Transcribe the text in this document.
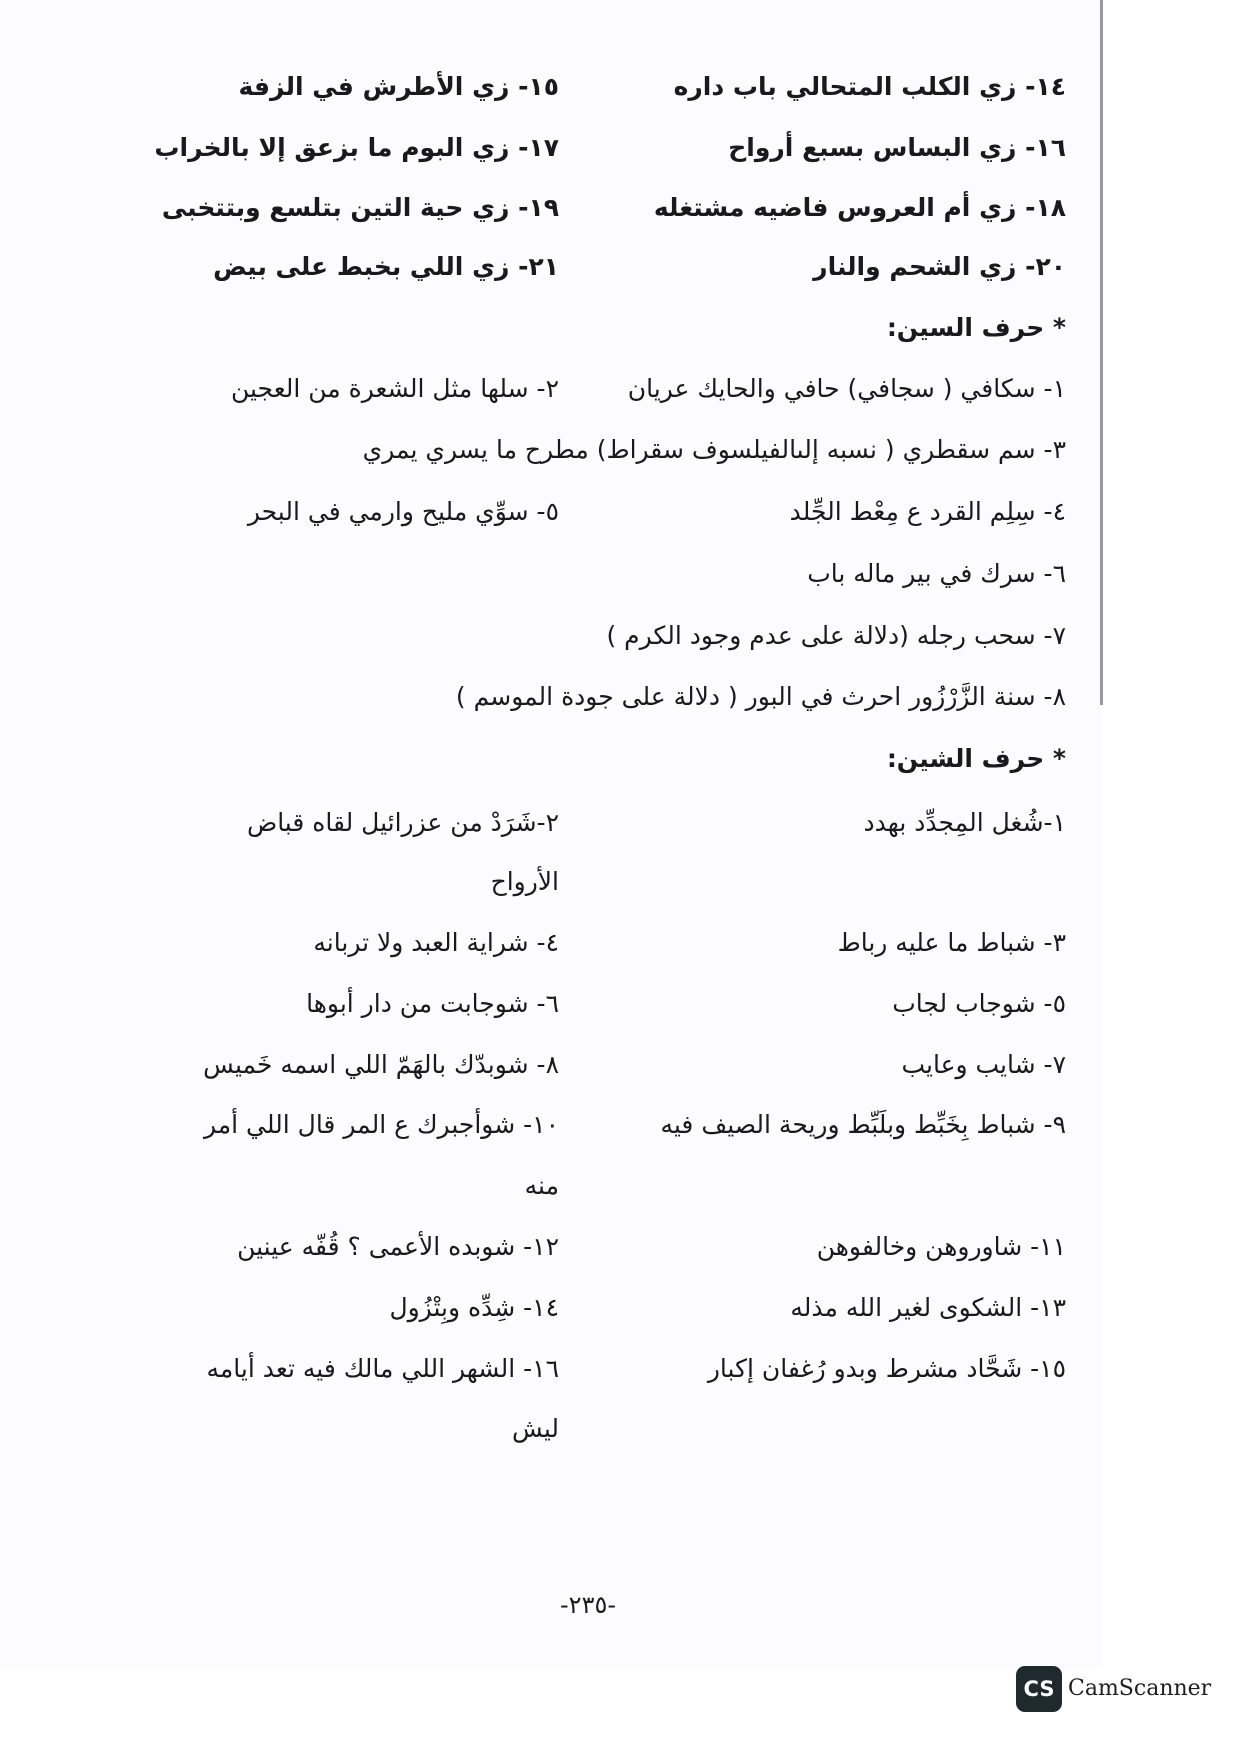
١٤- زي الكلب المتحالي باب داره
١٥- زي الأطرش في الزفة
١٦- زي البساس بسبع أرواح
١٧- زي البوم ما بزعق إلا بالخراب
١٨- زي أم العروس فاضيه مشتغله
١٩- زي حية التين بتلسع وبتتخبى
٢٠- زي الشحم والنار
٢١- زي اللي بخبط على بيض
* حرف السين:
١- سكافي ( سجافي) حافي والحايك عريان
٢- سلها مثل الشعرة من العجين
٣- سم سقطري ( نسبه إلىالفيلسوف سقراط) مطرح ما يسري يمري
٤- سِلِم القرد ع مِعْط الجِّلد
٥- سوِّي مليح وارمي في البحر
٦- سرك في بير ماله باب
٧- سحب رجله (دلالة على عدم وجود الكرم )
٨- سنة الزَّرْزُور احرث في البور ( دلالة على جودة الموسم )
* حرف الشين:
١-شُغل المِجدِّد بهدد
٢-شَرَدْ من عزرائيل لقاه قباض
الأرواح
٣- شباط ما عليه رباط
٤- شراية العبد ولا تربانه
٥- شوجاب لجاب
٦- شوجابت من دار أبوها
٧- شايب وعايب
٨- شوبدّك بالهَمّ اللي اسمه خَميس
٩- شباط بِخَبِّط وبلَبِّط وريحة الصيف فيه
١٠- شوأجبرك ع المر قال اللي أمر
منه
١١- شاوروهن وخالفوهن
١٢- شوبده الأعمى ؟ قُفّه عينين
١٣- الشكوى لغير الله مذله
١٤- شِدِّه وبِتْزُول
١٥- شَحَّاد مشرط وبدو رُغفان إكبار
١٦- الشهر اللي مالك فيه تعد أيامه
ليش
-٢٣٥-
CS CamScanner
